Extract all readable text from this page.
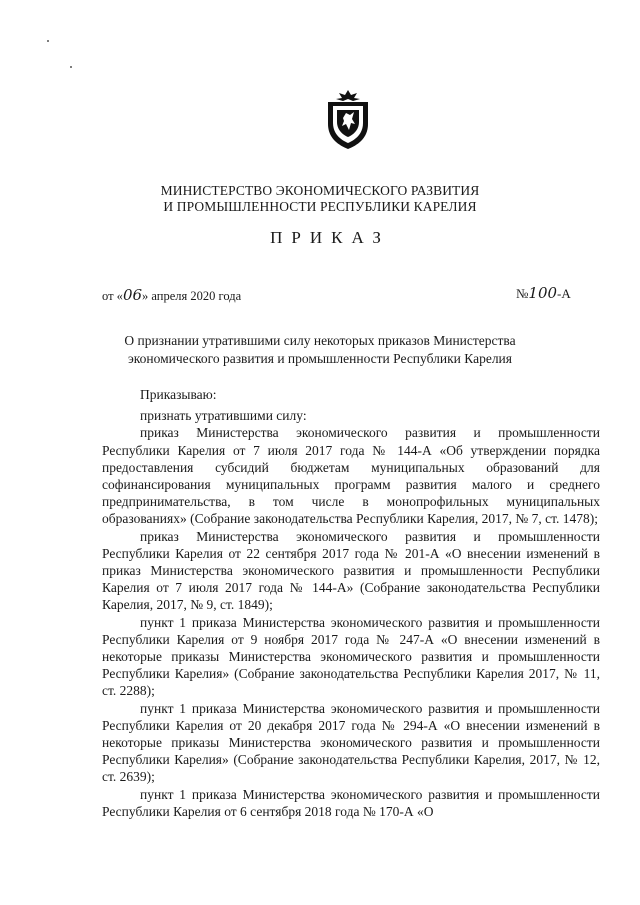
МИНИСТЕРСТВО ЭКОНОМИЧЕСКОГО РАЗВИТИЯ
И ПРОМЫШЛЕННОСТИ РЕСПУБЛИКИ КАРЕЛИЯ
ПРИКАЗ
от «06» апреля 2020 года	№100-А
О признании утратившими силу некоторых приказов Министерства
экономического развития и промышленности Республики Карелия

Приказываю:

признать утратившими силу:

приказ Министерства экономического развития и промышленности Республики Карелия от 7 июля 2017 года № 144-А «Об утверждении порядка предоставления субсидий бюджетам муниципальных образований для софинансирования муниципальных программ развития малого и среднего предпринимательства, в том числе в монопрофильных муниципальных образованиях» (Собрание законодательства Республики Карелия, 2017, № 7, ст. 1478);

приказ Министерства экономического развития и промышленности Республики Карелия от 22 сентября 2017 года № 201-А «О внесении изменений в приказ Министерства экономического развития и промышленности Республики Карелия от 7 июля 2017 года № 144-А» (Собрание законодательства Республики Карелия, 2017, № 9, ст. 1849);

пункт 1 приказа Министерства экономического развития и промышленности Республики Карелия от 9 ноября 2017 года № 247-А «О внесении изменений в некоторые приказы Министерства экономического развития и промышленности Республики Карелия» (Собрание законодательства Республики Карелия 2017, № 11, ст. 2288);

пункт 1 приказа Министерства экономического развития и промышленности Республики Карелия от 20 декабря 2017 года № 294-А «О внесении изменений в некоторые приказы Министерства экономического развития и промышленности Республики Карелия» (Собрание законодательства Республики Карелия, 2017, № 12, ст. 2639);

пункт 1 приказа Министерства экономического развития и промышленности Республики Карелия от 6 сентября 2018 года № 170-А «О
